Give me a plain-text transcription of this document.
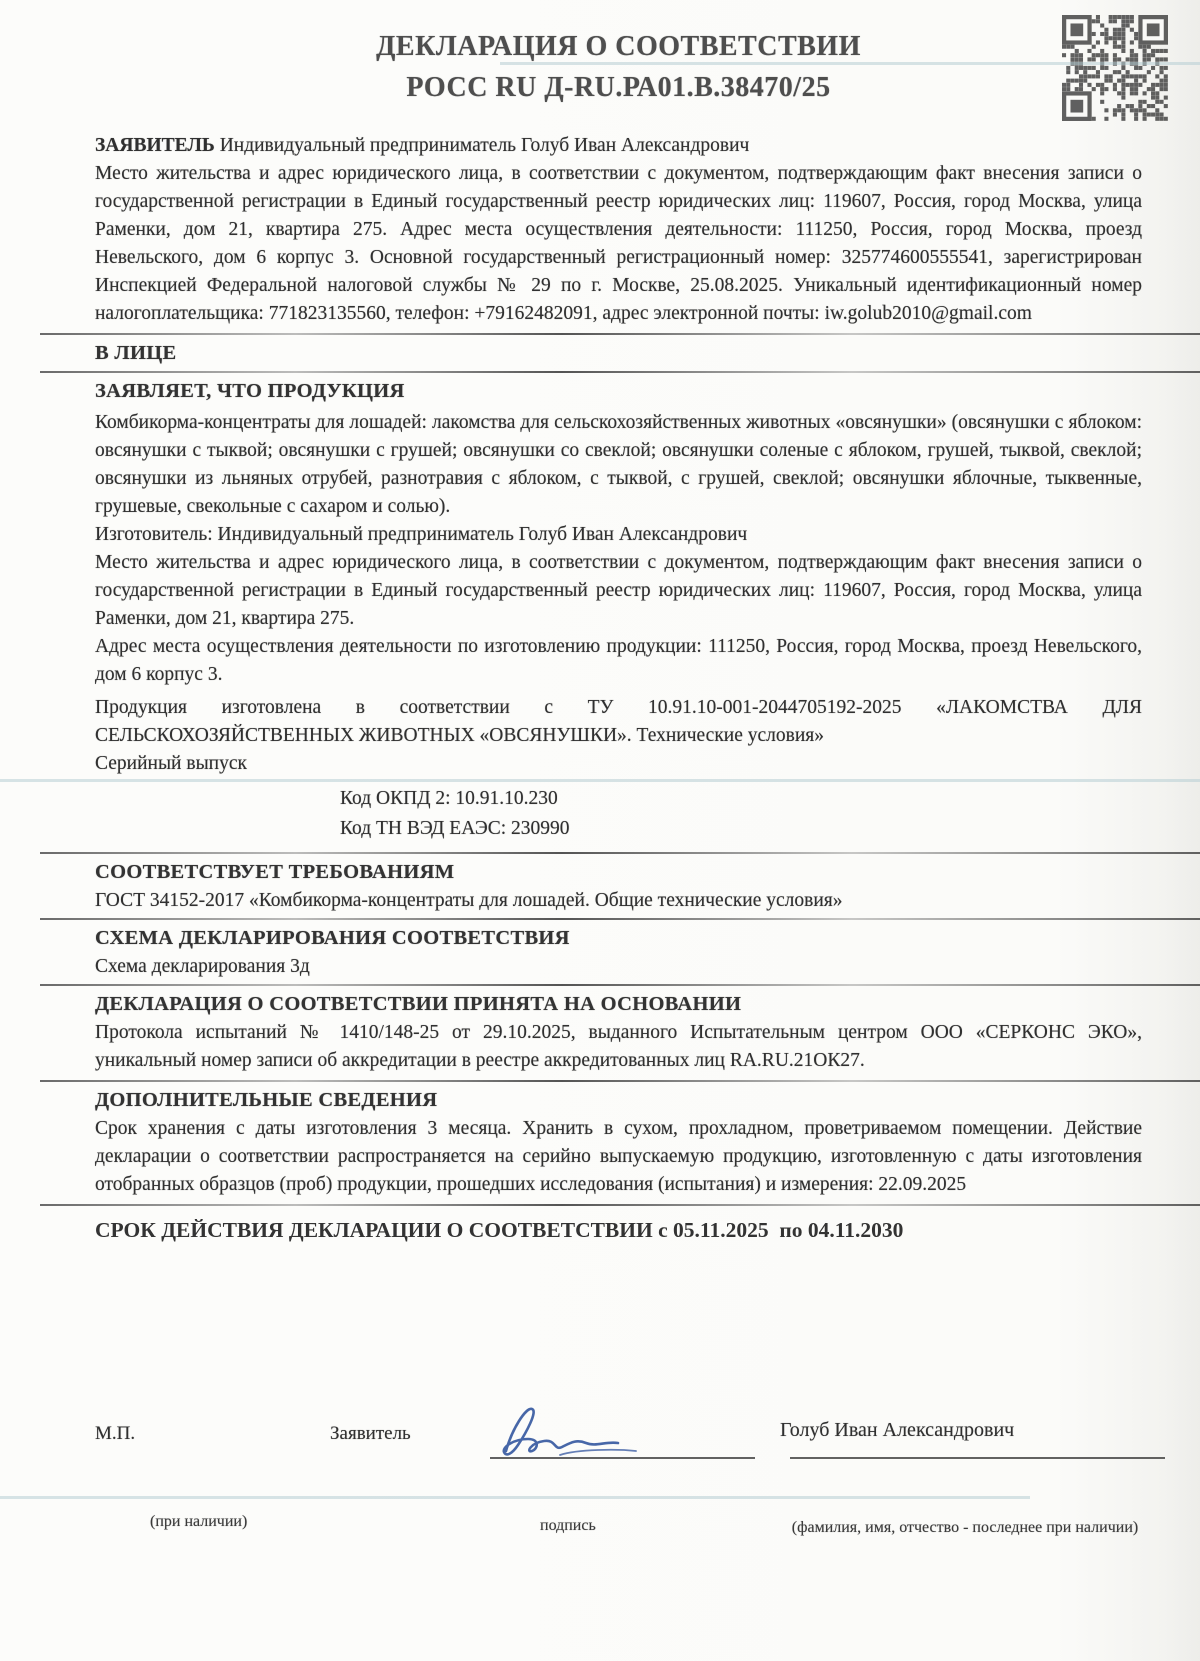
ДЕКЛАРАЦИЯ О СООТВЕТСТВИИ
РОСС RU Д-RU.РА01.В.38470/25

ЗАЯВИТЕЛЬ Индивидуальный предприниматель Голуб Иван Александрович

Место жительства и адрес юридического лица, в соответствии с документом, подтверждающим факт внесения записи о государственной регистрации в Единый государственный реестр юридических лиц: 119607, Россия, город Москва, улица Раменки, дом 21, квартира 275. Адрес места осуществления деятельности: 111250, Россия, город Москва, проезд Невельского, дом 6 корпус 3. Основной государственный регистрационный номер: 325774600555541, зарегистрирован Инспекцией Федеральной налоговой службы № 29 по г. Москве, 25.08.2025. Уникальный идентификационный номер налогоплательщика: 771823135560, телефон: +79162482091, адрес электронной почты: iw.golub2010@gmail.com

В ЛИЦЕ

ЗАЯВЛЯЕТ, ЧТО ПРОДУКЦИЯ

Комбикорма-концентраты для лошадей: лакомства для сельскохозяйственных животных «овсянушки» (овсянушки с яблоком: овсянушки с тыквой; овсянушки с грушей; овсянушки со свеклой; овсянушки соленые с яблоком, грушей, тыквой, свеклой; овсянушки из льняных отрубей, разнотравия с яблоком, с тыквой, с грушей, свеклой; овсянушки яблочные, тыквенные, грушевые, свекольные с сахаром и солью).

Изготовитель: Индивидуальный предприниматель Голуб Иван Александрович

Место жительства и адрес юридического лица, в соответствии с документом, подтверждающим факт внесения записи о государственной регистрации в Единый государственный реестр юридических лиц: 119607, Россия, город Москва, улица Раменки, дом 21, квартира 275.

Адрес места осуществления деятельности по изготовлению продукции: 111250, Россия, город Москва, проезд Невельского, дом 6 корпус 3.

Продукция изготовлена в соответствии с ТУ 10.91.10-001-2044705192-2025 «ЛАКОМСТВА ДЛЯ СЕЛЬСКОХОЗЯЙСТВЕННЫХ ЖИВОТНЫХ «ОВСЯНУШКИ». Технические условия»

Серийный выпуск

Код ОКПД 2: 10.91.10.230

Код ТН ВЭД ЕАЭС: 230990

СООТВЕТСТВУЕТ ТРЕБОВАНИЯМ

ГОСТ 34152-2017 «Комбикорма-концентраты для лошадей. Общие технические условия»

СХЕМА ДЕКЛАРИРОВАНИЯ СООТВЕТСТВИЯ

Схема декларирования 3д

ДЕКЛАРАЦИЯ О СООТВЕТСТВИИ ПРИНЯТА НА ОСНОВАНИИ

Протокола испытаний № 1410/148-25 от 29.10.2025, выданного Испытательным центром ООО «СЕРКОНС ЭКО», уникальный номер записи об аккредитации в реестре аккредитованных лиц RA.RU.21ОК27.

ДОПОЛНИТЕЛЬНЫЕ СВЕДЕНИЯ

Срок хранения с даты изготовления 3 месяца. Хранить в сухом, прохладном, проветриваемом помещении. Действие декларации о соответствии распространяется на серийно выпускаемую продукцию, изготовленную с даты изготовления отобранных образцов (проб) продукции, прошедших исследования (испытания) и измерения: 22.09.2025

СРОК ДЕЙСТВИЯ ДЕКЛАРАЦИИ О СООТВЕТСТВИИ с 05.11.2025  по 04.11.2030

М.П.	Заявитель	Голуб Иван Александрович
(при наличии)	подпись	(фамилия, имя, отчество - последнее при наличии)
